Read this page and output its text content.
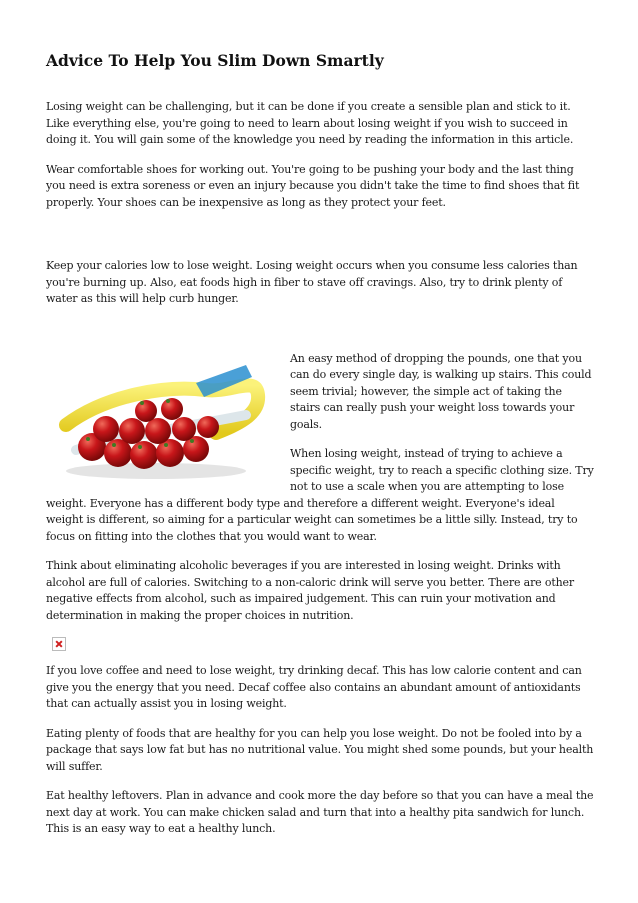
Advice To Help You Slim Down Smartly

Losing weight can be challenging, but it can be done if you create a sensible plan and stick to it. Like everything else, you're going to need to learn about losing weight if you wish to succeed in doing it. You will gain some of the knowledge you need by reading the information in this article.

Wear comfortable shoes for working out. You're going to be pushing your body and the last thing you need is extra soreness or even an injury because you didn't take the time to find shoes that fit properly. Your shoes can be inexpensive as long as they protect your feet.

Keep your calories low to lose weight. Losing weight occurs when you consume less calories than you're burning up. Also, eat foods high in fiber to stave off cravings. Also, try to drink plenty of water as this will help curb hunger.

An easy method of dropping the pounds, one that you can do every single day, is walking up stairs. This could seem trivial; however, the simple act of taking the stairs can really push your weight loss towards your goals.

When losing weight, instead of trying to achieve a specific weight, try to reach a specific clothing size. Try not to use a scale when you are attempting to lose weight. Everyone has a different body type and therefore a different weight. Everyone's ideal weight is different, so aiming for a particular weight can sometimes be a little silly. Instead, try to focus on fitting into the clothes that you would want to wear.

Think about eliminating alcoholic beverages if you are interested in losing weight. Drinks with alcohol are full of calories. Switching to a non-caloric drink will serve you better. There are other negative effects from alcohol, such as impaired judgement. This can ruin your motivation and determination in making the proper choices in nutrition.

If you love coffee and need to lose weight, try drinking decaf. This has low calorie content and can give you the energy that you need. Decaf coffee also contains an abundant amount of antioxidants that can actually assist you in losing weight.

Eating plenty of foods that are healthy for you can help you lose weight. Do not be fooled into by a package that says low fat but has no nutritional value. You might shed some pounds, but your health will suffer.

Eat healthy leftovers. Plan in advance and cook more the day before so that you can have a meal the next day at work. You can make chicken salad and turn that into a healthy pita sandwich for lunch. This is an easy way to eat a healthy lunch.
